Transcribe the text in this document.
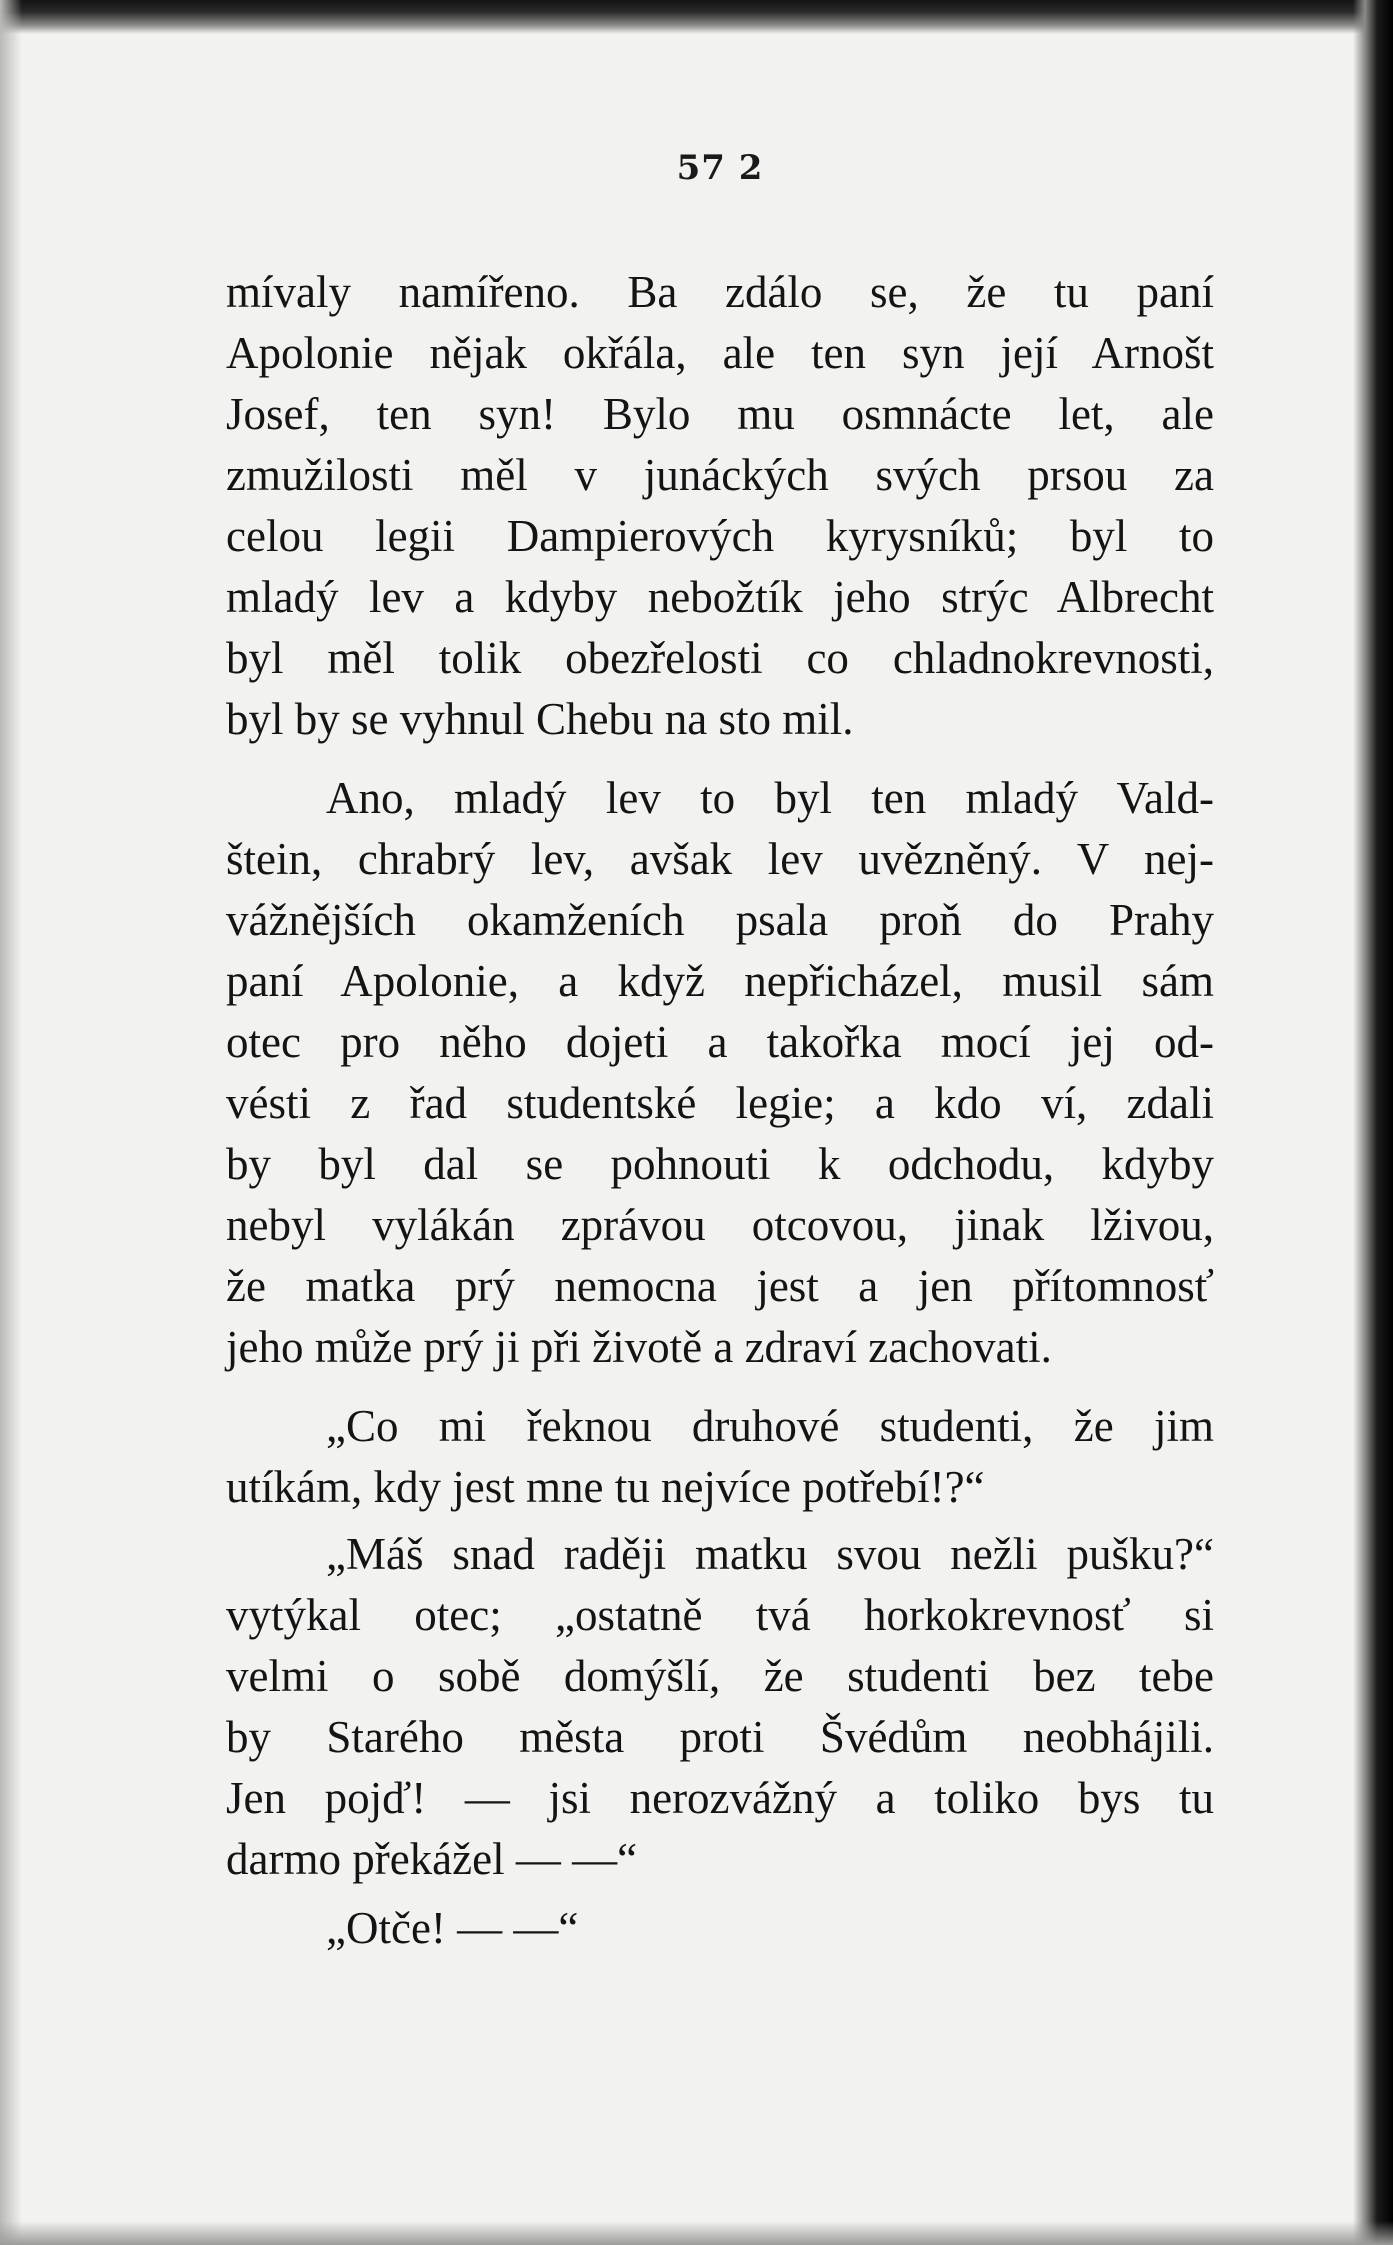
57 2
mívaly namířeno. Ba zdálo se, že tu paní
Apolonie nějak okřála, ale ten syn její Arnošt
Josef, ten syn! Bylo mu osmnácte let, ale
zmužilosti měl v junáckých svých prsou za
celou legii Dampierových kyrysníků; byl to
mladý lev a kdyby nebožtík jeho strýc Albrecht
byl měl tolik obezřelosti co chladnokrevnosti,
byl by se vyhnul Chebu na sto mil.
Ano, mladý lev to byl ten mladý Vald-
štein, chrabrý lev, avšak lev uvězněný. V nej-
vážnějších okamženích psala proň do Prahy
paní Apolonie, a když nepřicházel, musil sám
otec pro něho dojeti a takořka mocí jej od-
vésti z řad studentské legie; a kdo ví, zdali
by byl dal se pohnouti k odchodu, kdyby
nebyl vylákán zprávou otcovou, jinak lživou,
že matka prý nemocna jest a jen přítomnosť
jeho může prý ji při životě a zdraví zachovati.
„Co mi řeknou druhové studenti, že jim
utíkám, kdy jest mne tu nejvíce potřebí!?“
„Máš snad raději matku svou nežli pušku?“
vytýkal otec; „ostatně tvá horkokrevnosť si
velmi o sobě domýšlí, že studenti bez tebe
by Starého města proti Švédům neobhájili.
Jen pojď! — jsi nerozvážný a toliko bys tu
darmo překážel — —“
„Otče! — —“
